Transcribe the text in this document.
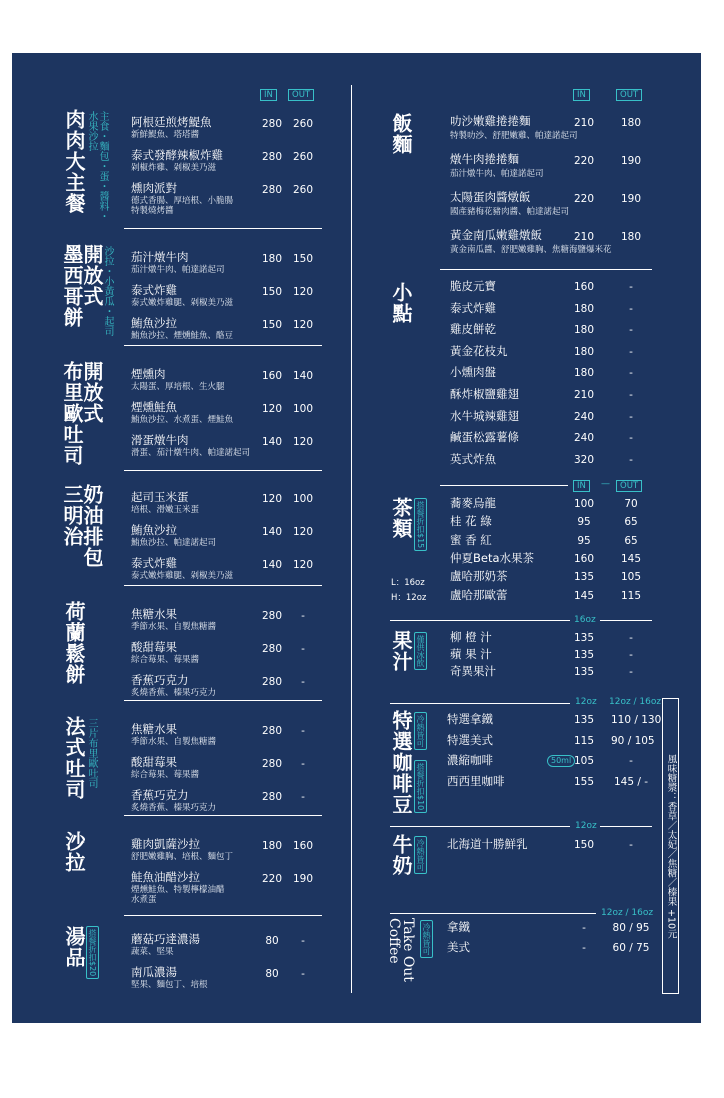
IN	OUT	IN	OUT
肉肉大主餐	主食・麵包・蛋・醬料・水果沙拉	阿根廷煎烤鯷魚
新鮮鯷魚、塔塔醬
280	260
泰式發酵辣椒炸雞
剁椒炸雞、剁椒美乃滋
280	260
燻肉派對
德式香腸、厚培根、小脆腸
特製燒烤醬
280	260
墨西哥餅
開放式
沙拉・小黃瓜・起司 茄汁燉牛肉
茄汁燉牛肉、帕達諾起司
180	150
泰式炸雞
泰式嫩炸雞腿、剁椒美乃滋
150	120
鮪魚沙拉
鮪魚沙拉、煙燻鮭魚、酪豆
150	120
布里歐吐司
開放式 煙燻肉
太陽蛋、厚培根、生火腿
160	140
煙燻鮭魚
鮪魚沙拉、水煮蛋、煙鮭魚
120	100
滑蛋燉牛肉
滑蛋、茄汁燉牛肉、帕達諾起司
140	120
三明治
奶油排包 起司玉米蛋
培根、滑嫩玉米蛋
120	100
鮪魚沙拉
鮪魚沙拉、帕達諾起司
140	120
泰式炸雞
泰式嫩炸雞腿、剁椒美乃滋
140	120
荷蘭鬆餅	焦糖水果
季節水果、自製焦糖醬
280	-
酸甜莓果
綜合莓果、莓果醬
280	-
香蕉巧克力
炙燒香蕉、榛果巧克力
280	-
法式吐司 三片布里歐吐司	焦糖水果
季節水果、自製焦糖醬
280	-
酸甜莓果
綜合莓果、莓果醬
280	-
香蕉巧克力
炙燒香蕉、榛果巧克力
280	-
沙拉	雞肉凱薩沙拉
舒肥嫩雞胸、培根、麵包丁
180	160
鮭魚油醋沙拉
煙燻鮭魚、特製檸檬油醋
水煮蛋
220	190
湯品 搭餐折扣$20	蘑菇巧達濃湯
蔬菜、堅果
80	-
南瓜濃湯
堅果、麵包丁、培根
80	-
飯麵	叻沙嫩雞捲捲麵
特製叻沙、舒肥嫩雞、帕達諾起司
210	180
燉牛肉捲捲麵
茄汁燉牛肉、帕達諾起司
220	190
太陽蛋肉醬燉飯
國產豬梅花豬肉醬、帕達諾起司
220	190
黃金南瓜嫩雞燉飯
黃金南瓜醬、舒肥嫩雞胸、焦糖海鹽爆米花
210	180
小點	脆皮元寶	160	-
泰式炸雞	180	-
雞皮餅乾	180	-
黃金花枝丸	180	-
小燻肉盤	180	-
酥炸椒鹽雞翅	210	-
水牛城辣雞翅	240	-
鹹蛋松露薯條	240	-
英式炸魚	320	-
IN	—	OUT
茶類 搭餐折扣$15
L：16oz
H：12oz
蕎麥烏龍	100	70
桂 花 綠	95	65
蜜 香 紅	95	65
仲夏Beta水果茶	160	145
盧哈那奶茶	135	105
盧哈那歐蕾	145	115
16oz
果汁 僅供冰飲 柳 橙 汁	135	-
蘋 果 汁	135	-
奇異果汁	135	-
12oz 12oz / 16oz
特選咖啡豆 冷熱皆可
搭餐折扣$10
特選拿鐵	135	110 / 130
特選美式	115	90 / 105
濃縮咖啡	50ml 105	-
西西里咖啡	155	145 / -
12oz
牛奶 冷熱皆可 北海道十勝鮮乳	150	-
12oz / 16oz
Take Out Coffee	冷熱皆可 拿鐵	-	80 / 95
美式	-	60 / 75
風味糖漿：香草／太妃／焦糖／榛果 +10元
